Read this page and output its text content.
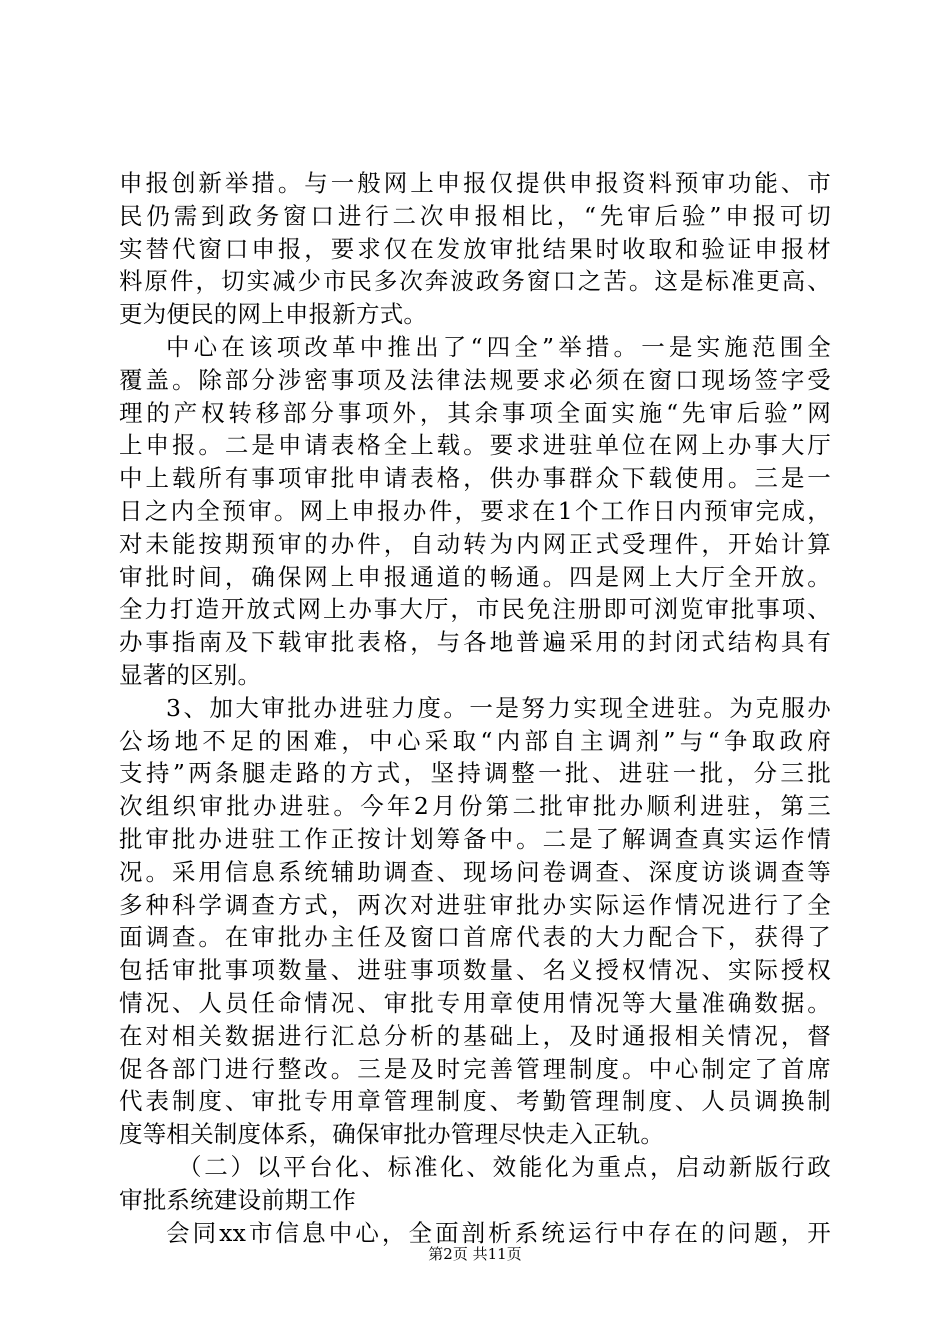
申报创新举措。与一般网上申报仅提供申报资料预审功能、市
民仍需到政务窗口进行二次申报相比，“先审后验”申报可切
实替代窗口申报，要求仅在发放审批结果时收取和验证申报材
料原件，切实减少市民多次奔波政务窗口之苦。这是标准更高、
更为便民的网上申报新方式。
中心在该项改革中推出了“四全”举措。一是实施范围全
覆盖。除部分涉密事项及法律法规要求必须在窗口现场签字受
理的产权转移部分事项外，其余事项全面实施“先审后验”网
上申报。二是申请表格全上载。要求进驻单位在网上办事大厅
中上载所有事项审批申请表格，供办事群众下载使用。三是一
日之内全预审。网上申报办件，要求在1个工作日内预审完成，
对未能按期预审的办件，自动转为内网正式受理件，开始计算
审批时间，确保网上申报通道的畅通。四是网上大厅全开放。
全力打造开放式网上办事大厅，市民免注册即可浏览审批事项、
办事指南及下载审批表格，与各地普遍采用的封闭式结构具有
显著的区别。
3、加大审批办进驻力度。一是努力实现全进驻。为克服办
公场地不足的困难，中心采取“内部自主调剂”与“争取政府
支持”两条腿走路的方式，坚持调整一批、进驻一批，分三批
次组织审批办进驻。今年2月份第二批审批办顺利进驻，第三
批审批办进驻工作正按计划筹备中。二是了解调查真实运作情
况。采用信息系统辅助调查、现场问卷调查、深度访谈调查等
多种科学调查方式，两次对进驻审批办实际运作情况进行了全
面调查。在审批办主任及窗口首席代表的大力配合下，获得了
包括审批事项数量、进驻事项数量、名义授权情况、实际授权
情况、人员任命情况、审批专用章使用情况等大量准确数据。
在对相关数据进行汇总分析的基础上，及时通报相关情况，督
促各部门进行整改。三是及时完善管理制度。中心制定了首席
代表制度、审批专用章管理制度、考勤管理制度、人员调换制
度等相关制度体系，确保审批办管理尽快走入正轨。
（二）以平台化、标准化、效能化为重点，启动新版行政
审批系统建设前期工作
会同xx市信息中心，全面剖析系统运行中存在的问题，开
第2页 共11页
